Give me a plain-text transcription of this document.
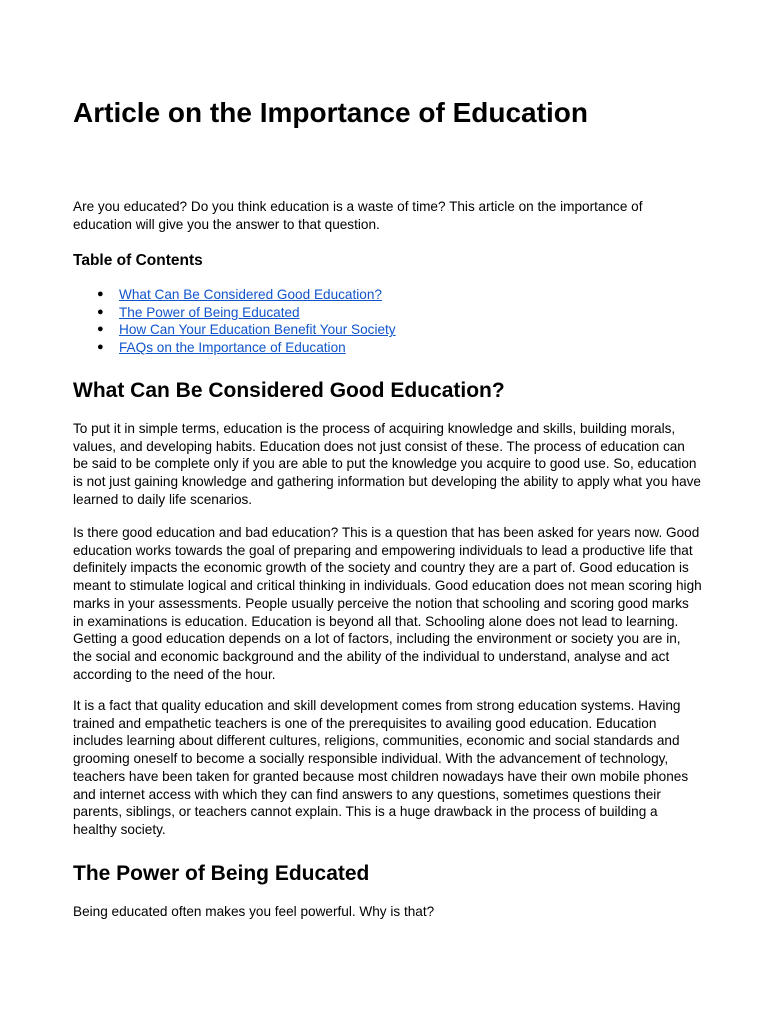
Article on the Importance of Education

Are you educated? Do you think education is a waste of time? This article on the importance of education will give you the answer to that question.

Table of Contents
● What Can Be Considered Good Education?
● The Power of Being Educated
● How Can Your Education Benefit Your Society
● FAQs on the Importance of Education
What Can Be Considered Good Education?

To put it in simple terms, education is the process of acquiring knowledge and skills, building morals, values, and developing habits. Education does not just consist of these. The process of education can be said to be complete only if you are able to put the knowledge you acquire to good use. So, education is not just gaining knowledge and gathering information but developing the ability to apply what you have learned to daily life scenarios.

Is there good education and bad education? This is a question that has been asked for years now. Good education works towards the goal of preparing and empowering individuals to lead a productive life that definitely impacts the economic growth of the society and country they are a part of. Good education is meant to stimulate logical and critical thinking in individuals. Good education does not mean scoring high marks in your assessments. People usually perceive the notion that schooling and scoring good marks in examinations is education. Education is beyond all that. Schooling alone does not lead to learning. Getting a good education depends on a lot of factors, including the environment or society you are in, the social and economic background and the ability of the individual to understand, analyse and act according to the need of the hour.

It is a fact that quality education and skill development comes from strong education systems. Having trained and empathetic teachers is one of the prerequisites to availing good education. Education includes learning about different cultures, religions, communities, economic and social standards and grooming oneself to become a socially responsible individual. With the advancement of technology, teachers have been taken for granted because most children nowadays have their own mobile phones and internet access with which they can find answers to any questions, sometimes questions their parents, siblings, or teachers cannot explain. This is a huge drawback in the process of building a healthy society.

The Power of Being Educated

Being educated often makes you feel powerful. Why is that?
